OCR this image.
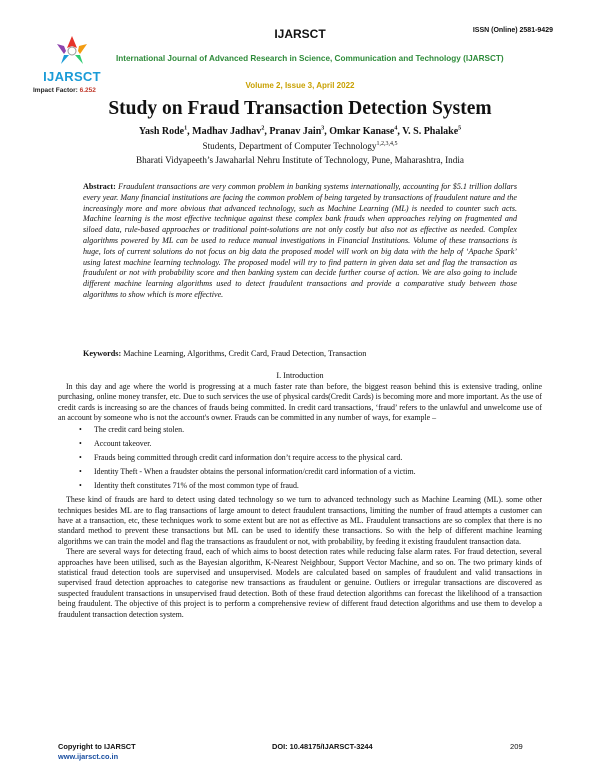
IJARSCT	ISSN (Online) 2581-9429
IJARSCT
Impact Factor: 6.252
International Journal of Advanced Research in Science, Communication and Technology (IJARSCT)
Volume 2, Issue 3, April 2022
Study on Fraud Transaction Detection System
Yash Rode$^1$, Madhav Jadhav$^2$, Pranav Jain$^3$, Omkar Kanase$^4$, V. S. Phalake$^5$
Students, Department of Computer Technology$^{1,2,3,4,5}$
Bharati Vidyapeeth’s Jawaharlal Nehru Institute of Technology, Pune, Maharashtra, India
Abstract: Fraudulent transactions are very common problem in banking systems internationally, accounting for $5.1 trillion dollars every year. Many financial institutions are facing the common problem of being targeted by transactions of fraudulent nature and the increasingly more and more obvious that advanced technology, such as Machine Learning (ML) is needed to counter such acts. Machine learning is the most effective technique against these complex bank frauds when approaches relying on fragmented and siloed data, rule-based approaches or traditional point-solutions are not only costly but also not as effective as needed. Complex algorithms powered by ML can be used to reduce manual investigations in Financial Institutions. Volume of these transactions is huge, lots of current solutions do not focus on big data the proposed model will work on big data with the help of ‘Apache Spark’ using latest machine learning technology. The proposed model will try to find pattern in given data set and flag the transaction as fraudulent or not with probability score and then banking system can decide further course of action. We are also going to include different machine learning algorithms used to detect fraudulent transactions and provide a comparative study between those algorithms to show which is more effective.
Keywords: Machine Learning, Algorithms, Credit Card, Fraud Detection, Transaction
I. Introduction

In this day and age where the world is progressing at a much faster rate than before, the biggest reason behind this is extensive trading, online purchasing, online money transfer, etc. Due to such services the use of physical cards(Credit Cards) is becoming more and more important. As the use of credit cards is increasing so are the chances of frauds being committed. In credit card transactions, ‘fraud’ refers to the unlawful and unwelcome use of an account by someone who is not the account's owner. Frauds can be committed in any number of ways, for example –

• The credit card being stolen.
• Account takeover.
• Frauds being committed through credit card information don’t require access to the physical card.
• Identity Theft - When a fraudster obtains the personal information/credit card information of a victim.
• Identity theft constitutes 71% of the most common type of fraud.

These kind of frauds are hard to detect using dated technology so we turn to advanced technology such as Machine Learning (ML). some other techniques besides ML are to flag transactions of large amount to detect fraudulent transactions, limiting the number of fraud attempts a customer can have at a transaction, etc, these techniques work to some extent but are not as effective as ML. Fraudulent transactions are so complex that there is no standard method to prevent these transactions but ML can be used to identify these transactions. So with the help of different machine learning algorithms we can train the model and flag the transactions as fraudulent or not, with probability, by feeding it existing fraudulent transaction data.

There are several ways for detecting fraud, each of which aims to boost detection rates while reducing false alarm rates. For fraud detection, several approaches have been utilised, such as the Bayesian algorithm, K-Nearest Neighbour, Support Vector Machine, and so on. The two primary kinds of statistical fraud detection tools are supervised and unsupervised. Models are calculated based on samples of fraudulent and valid transactions in supervised fraud detection approaches to categorise new transactions as fraudulent or genuine. Outliers or irregular transactions are discovered as suspected fraudulent transactions in unsupervised fraud detection. Both of these fraud detection algorithms can forecast the likelihood of a transaction being fraudulent. The objective of this project is to perform a comprehensive review of different fraud detection algorithms and use them to develop a fraudulent transaction detection system.

Copyright to IJARSCT
www.ijarsct.co.in
DOI: 10.48175/IJARSCT-3244	209
